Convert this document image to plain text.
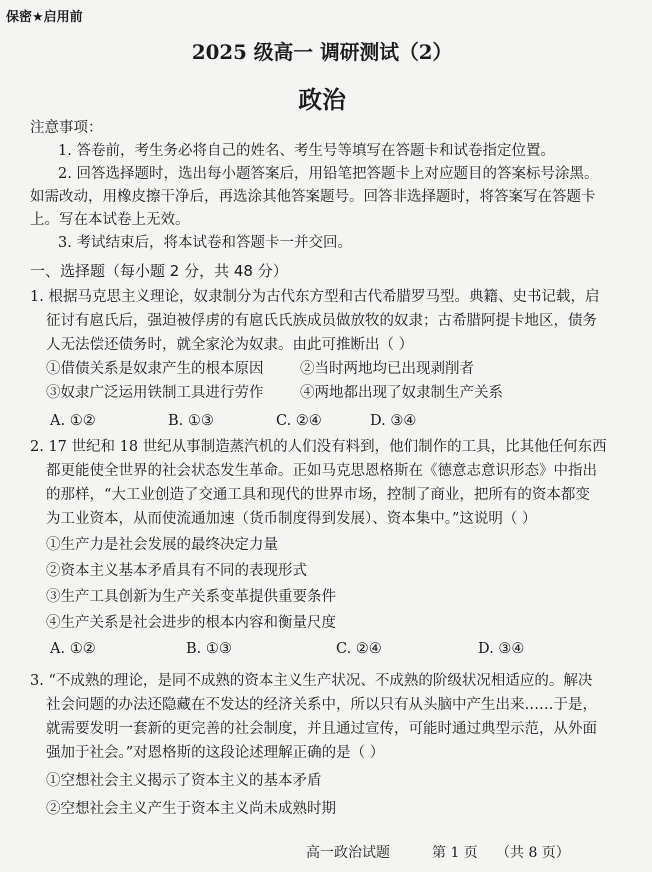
保密★启用前
2025 级高一 调研测试（2）
政治
注意事项：
1. 答卷前，考生务必将自己的姓名、考生号等填写在答题卡和试卷指定位置。
2. 回答选择题时，选出每小题答案后，用铅笔把答题卡上对应题目的答案标号涂黑。
如需改动，用橡皮擦干净后，再选涂其他答案题号。回答非选择题时，将答案写在答题卡
上。写在本试卷上无效。
3. 考试结束后，将本试卷和答题卡一并交回。
一、选择题（每小题 2 分，共 48 分）
1. 根据马克思主义理论，奴隶制分为古代东方型和古代希腊罗马型。典籍、史书记载，启
征讨有扈氏后，强迫被俘虏的有扈氏氏族成员做放牧的奴隶；古希腊阿提卡地区，债务
人无法偿还债务时，就全家沦为奴隶。由此可推断出（ ）
①借债关系是奴隶产生的根本原因	②当时两地均已出现剥削者
③奴隶广泛运用铁制工具进行劳作	④两地都出现了奴隶制生产关系
A. ①②	B. ①③	C. ②④	D. ③④
2. 17 世纪和 18 世纪从事制造蒸汽机的人们没有料到，他们制作的工具，比其他任何东西
都更能使全世界的社会状态发生革命。正如马克思恩格斯在《德意志意识形态》中指出
的那样，“大工业创造了交通工具和现代的世界市场，控制了商业，把所有的资本都变
为工业资本，从而使流通加速（货币制度得到发展）、资本集中。”这说明（ ）
①生产力是社会发展的最终决定力量
②资本主义基本矛盾具有不同的表现形式
③生产工具创新为生产关系变革提供重要条件
④生产关系是社会进步的根本内容和衡量尺度
A. ①②	B. ①③	C. ②④	D. ③④
3. “不成熟的理论，是同不成熟的资本主义生产状况、不成熟的阶级状况相适应的。解决
社会问题的办法还隐藏在不发达的经济关系中，所以只有从头脑中产生出来……于是，
就需要发明一套新的更完善的社会制度，并且通过宣传，可能时通过典型示范，从外面
强加于社会。”对恩格斯的这段论述理解正确的是（ ）
①空想社会主义揭示了资本主义的基本矛盾
②空想社会主义产生于资本主义尚未成熟时期
高一政治试题	第 1 页 （共 8 页）
